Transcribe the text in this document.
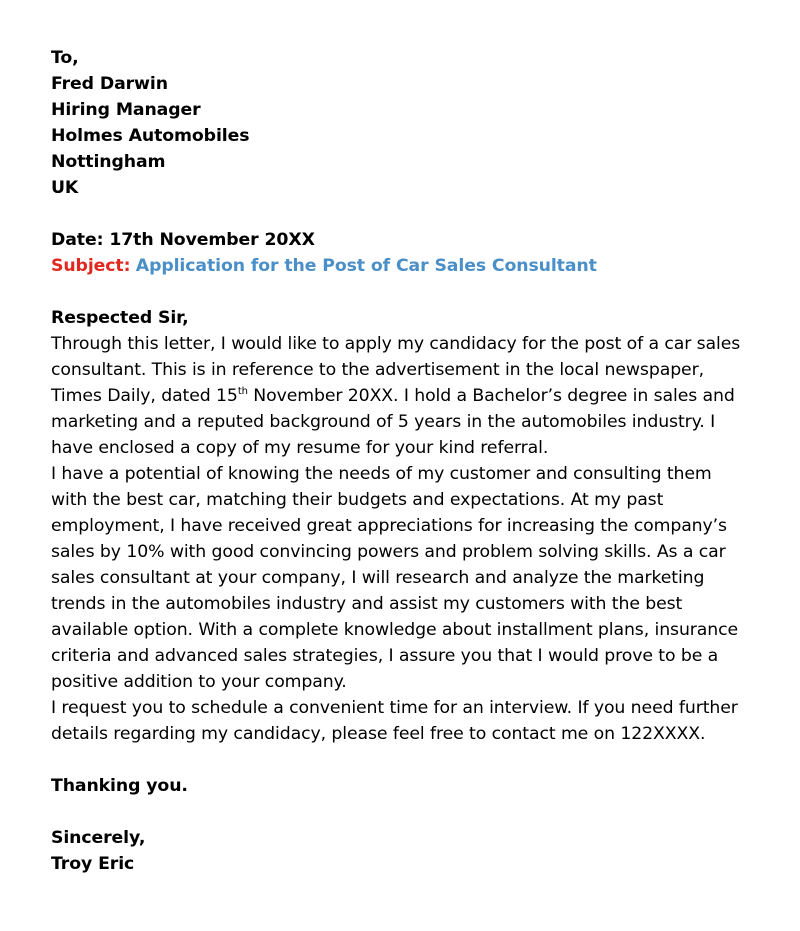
To,
Fred Darwin
Hiring Manager
Holmes Automobiles
Nottingham
UK
Date: 17th November 20XX
Subject: Application for the Post of Car Sales Consultant
Respected Sir,
Through this letter, I would like to apply my candidacy for the post of a car sales
consultant. This is in reference to the advertisement in the local newspaper,
Times Daily, dated 15th November 20XX. I hold a Bachelor’s degree in sales and
marketing and a reputed background of 5 years in the automobiles industry. I
have enclosed a copy of my resume for your kind referral.
I have a potential of knowing the needs of my customer and consulting them
with the best car, matching their budgets and expectations. At my past
employment, I have received great appreciations for increasing the company’s
sales by 10% with good convincing powers and problem solving skills. As a car
sales consultant at your company, I will research and analyze the marketing
trends in the automobiles industry and assist my customers with the best
available option. With a complete knowledge about installment plans, insurance
criteria and advanced sales strategies, I assure you that I would prove to be a
positive addition to your company.
I request you to schedule a convenient time for an interview. If you need further
details regarding my candidacy, please feel free to contact me on 122XXXX.
Thanking you.
Sincerely,
Troy Eric
